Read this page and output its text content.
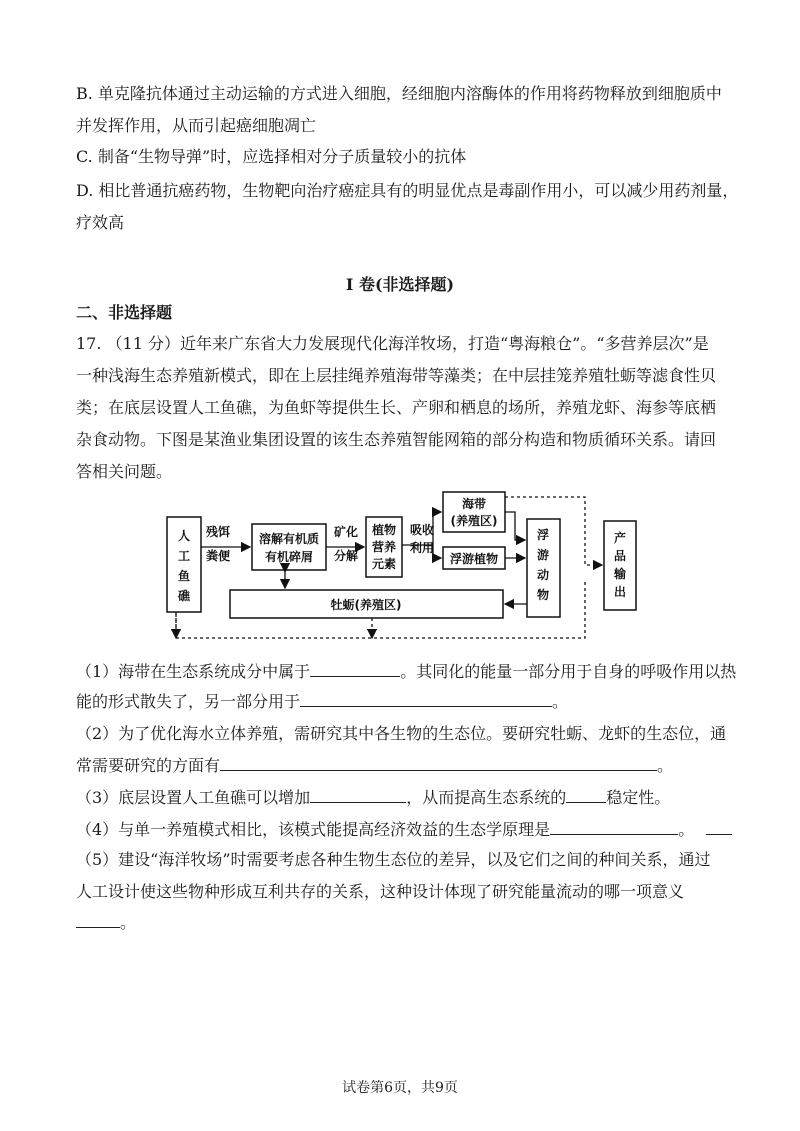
B. 单克隆抗体通过主动运输的方式进入细胞，经细胞内溶酶体的作用将药物释放到细胞质中
并发挥作用，从而引起癌细胞凋亡
C. 制备“生物导弹”时，应选择相对分子质量较小的抗体
D. 相比普通抗癌药物，生物靶向治疗癌症具有的明显优点是毒副作用小，可以减少用药剂量，
疗效高
I 卷(非选择题)
二、非选择题
17. （11 分）近年来广东省大力发展现代化海洋牧场，打造“粤海粮仓”。“多营养层次”是
一种浅海生态养殖新模式，即在上层挂绳养殖海带等藻类；在中层挂笼养殖牡蛎等滤食性贝
类；在底层设置人工鱼礁，为鱼虾等提供生长、产卵和栖息的场所，养殖龙虾、海参等底栖
杂食动物。下图是某渔业集团设置的该生态养殖智能网箱的部分构造和物质循环关系。请回
答相关问题。
人
工
鱼
礁
残饵
粪便
溶解有机质
有机碎屑
矿化
分解
植物
营养
元素
吸收
利用
海带
(养殖区)
浮游植物
浮
游
动
物
产
品
输
出
牡蛎(养殖区)
（1）海带在生态系统成分中属于	。其同化的能量一部分用于自身的呼吸作用以热
能的形式散失了，另一部分用于	。
（2）为了优化海水立体养殖，需研究其中各生物的生态位。要研究牡蛎、龙虾的生态位，通
常需要研究的方面有	。
（3）底层设置人工鱼礁可以增加	，从而提高生态系统的	稳定性。
（4）与单一养殖模式相比，该模式能提高经济效益的生态学原理是	。
（5）建设“海洋牧场”时需要考虑各种生物生态位的差异，以及它们之间的种间关系，通过
人工设计使这些物种形成互利共存的关系，这种设计体现了研究能量流动的哪一项意义
。
试卷第6页，共9页
